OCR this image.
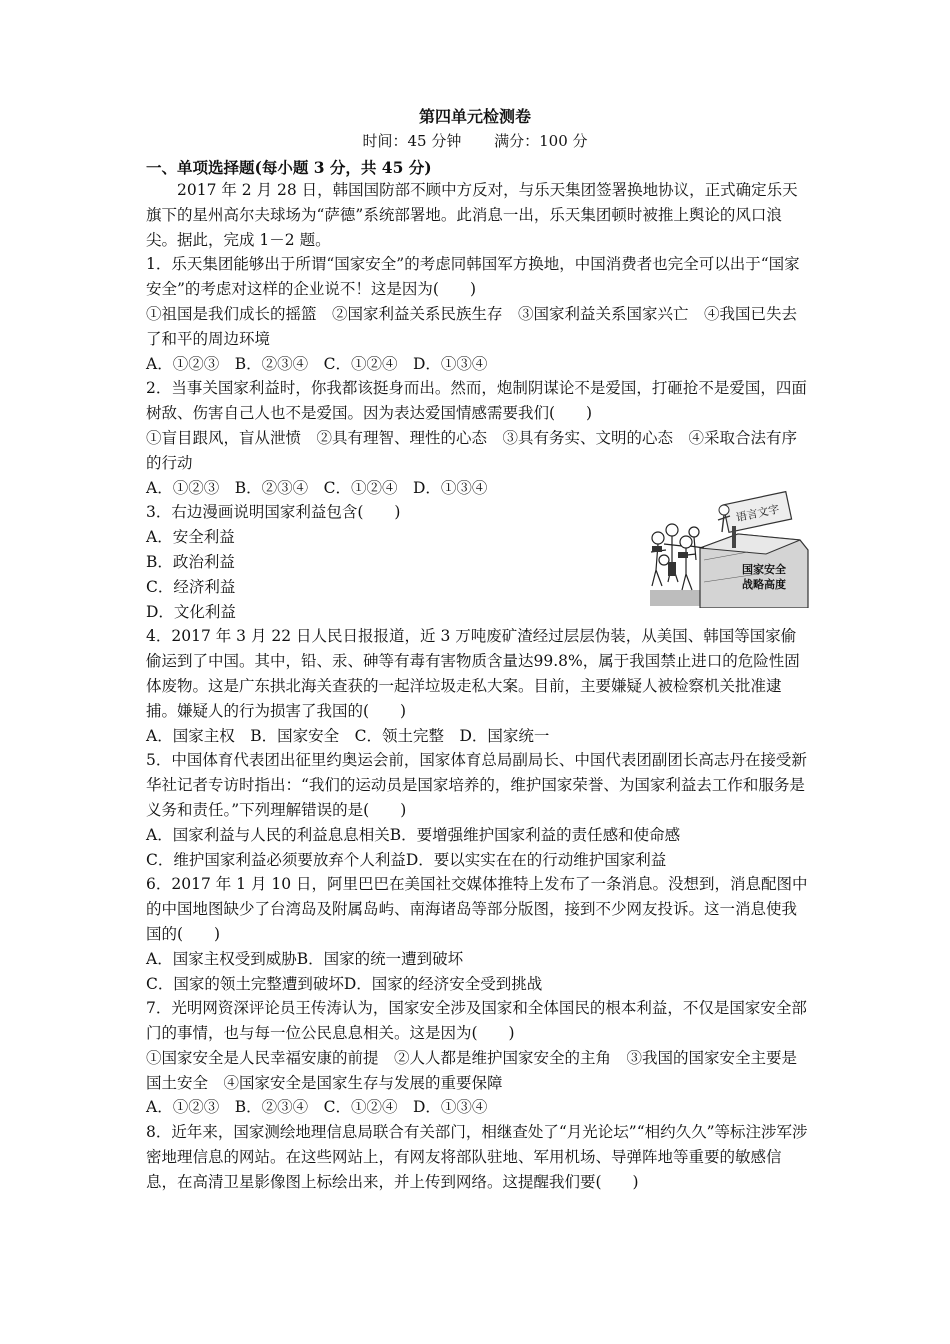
第四单元检测卷
时间：45 分钟 满分：100 分
一、单项选择题(每小题 3 分，共 45 分)

2017 年 2 月 28 日，韩国国防部不顾中方反对，与乐天集团签署换地协议，正式确定乐天旗下的星州高尔夫球场为“萨德”系统部署地。此消息一出，乐天集团顿时被推上舆论的风口浪尖。据此，完成 1－2 题。

1．乐天集团能够出于所谓“国家安全”的考虑同韩国军方换地，中国消费者也完全可以出于“国家安全”的考虑对这样的企业说不！这是因为(　　)

①祖国是我们成长的摇篮　②国家利益关系民族生存　③国家利益关系国家兴亡　④我国已失去了和平的周边环境

A．①②③　B．②③④　C．①②④　D．①③④

2．当事关国家利益时，你我都该挺身而出。然而，炮制阴谋论不是爱国，打砸抢不是爱国，四面树敌、伤害自己人也不是爱国。因为表达爱国情感需要我们(　　)

①盲目跟风，盲从泄愤　②具有理智、理性的心态　③具有务实、文明的心态　④采取合法有序的行动

A．①②③　B．②③④　C．①②④　D．①③④

3．右边漫画说明国家利益包含(　　)

A．安全利益

B．政治利益

C．经济利益

D．文化利益

语言文字
国家安全
战略高度

4．2017 年 3 月 22 日人民日报报道，近 3 万吨废矿渣经过层层伪装，从美国、韩国等国家偷偷运到了中国。其中，铅、汞、砷等有毒有害物质含量达99.8%，属于我国禁止进口的危险性固体废物。这是广东拱北海关查获的一起洋垃圾走私大案。目前，主要嫌疑人被检察机关批准逮捕。嫌疑人的行为损害了我国的(　　)

A．国家主权　B．国家安全　C．领土完整　D．国家统一

5．中国体育代表团出征里约奥运会前，国家体育总局副局长、中国代表团副团长高志丹在接受新华社记者专访时指出：“我们的运动员是国家培养的，维护国家荣誉、为国家利益去工作和服务是义务和责任。”下列理解错误的是(　　)

A．国家利益与人民的利益息息相关B．要增强维护国家利益的责任感和使命感

C．维护国家利益必须要放弃个人利益D．要以实实在在的行动维护国家利益

6．2017 年 1 月 10 日，阿里巴巴在美国社交媒体推特上发布了一条消息。没想到，消息配图中的中国地图缺少了台湾岛及附属岛屿、南海诸岛等部分版图，接到不少网友投诉。这一消息使我国的(　　)

A．国家主权受到威胁B．国家的统一遭到破坏

C．国家的领土完整遭到破坏D．国家的经济安全受到挑战

7．光明网资深评论员王传涛认为，国家安全涉及国家和全体国民的根本利益，不仅是国家安全部门的事情，也与每一位公民息息相关。这是因为(　　)

①国家安全是人民幸福安康的前提　②人人都是维护国家安全的主角　③我国的国家安全主要是国土安全　④国家安全是国家生存与发展的重要保障

A．①②③　B．②③④　C．①②④　D．①③④

8．近年来，国家测绘地理信息局联合有关部门，相继查处了“月光论坛”“相约久久”等标注涉军涉密地理信息的网站。在这些网站上，有网友将部队驻地、军用机场、导弹阵地等重要的敏感信息，在高清卫星影像图上标绘出来，并上传到网络。这提醒我们要(　　)
